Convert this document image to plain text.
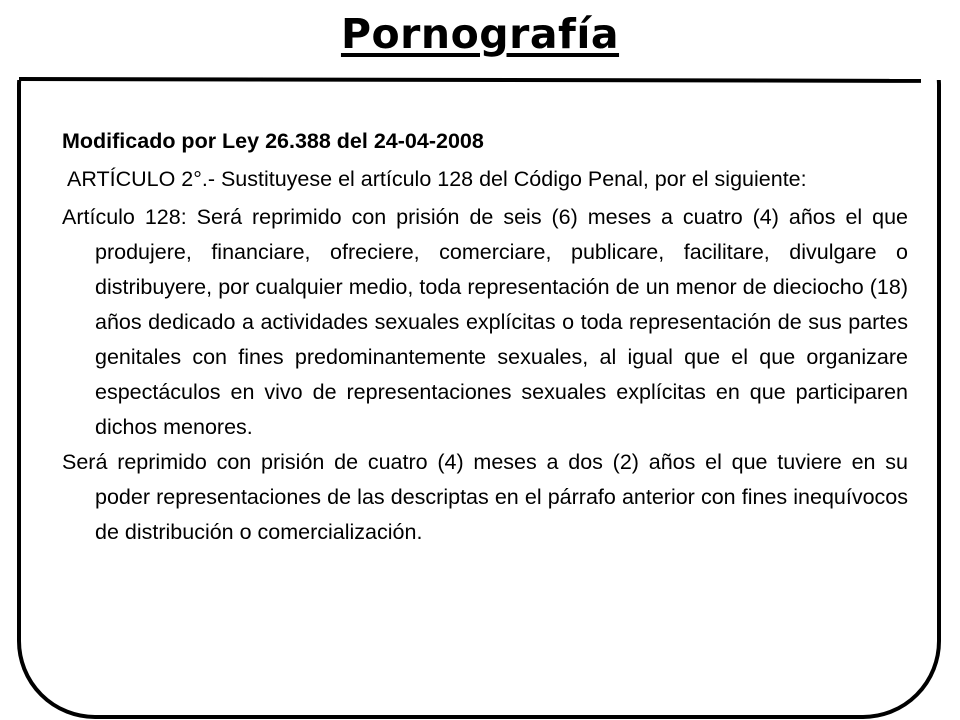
Pornografía

Modificado por Ley 26.388 del 24-04-2008

ARTÍCULO 2°.- Sustituyese el artículo 128 del Código Penal, por el siguiente:

Artículo 128: Será reprimido con prisión de seis (6) meses a cuatro (4) años el que produjere, financiare, ofreciere, comerciare, publicare, facilitare, divulgare o distribuyere, por cualquier medio, toda representación de un menor de dieciocho (18) años dedicado a actividades sexuales explícitas o toda representación de sus partes genitales con fines predominantemente sexuales, al igual que el que organizare espectáculos en vivo de representaciones sexuales explícitas en que participaren dichos menores.

Será reprimido con prisión de cuatro (4) meses a dos (2) años el que tuviere en su poder representaciones de las descriptas en el párrafo anterior con fines inequívocos de distribución o comercialización.
